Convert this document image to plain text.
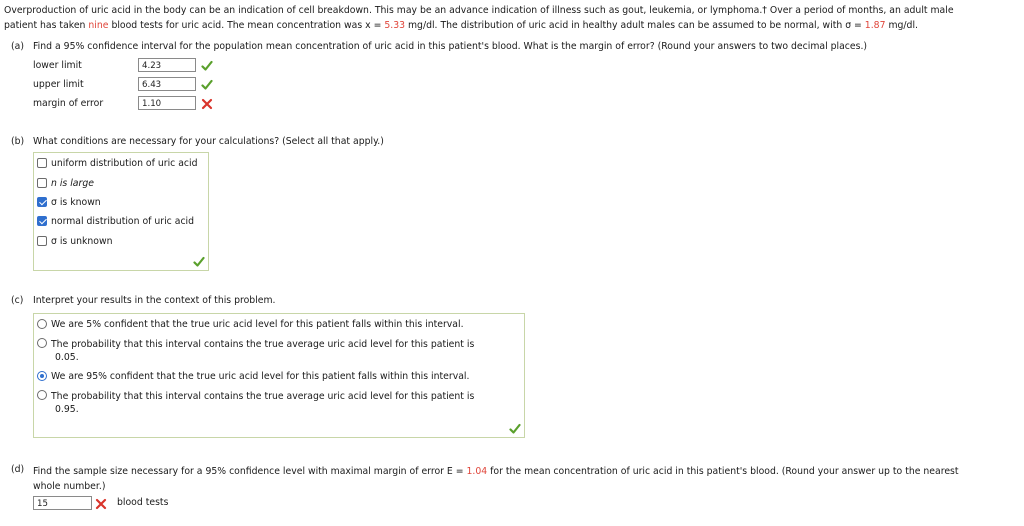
Overproduction of uric acid in the body can be an indication of cell breakdown. This may be an advance indication of illness such as gout, leukemia, or lymphoma.† Over a period of months, an adult male
patient has taken nine blood tests for uric acid. The mean concentration was x = 5.33 mg/dl. The distribution of uric acid in healthy adult males can be assumed to be normal, with σ = 1.87 mg/dl.
(a) Find a 95% confidence interval for the population mean concentration of uric acid in this patient's blood. What is the margin of error? (Round your answers to two decimal places.)
lower limit	4.23
upper limit	6.43
margin of error	1.10
(b) What conditions are necessary for your calculations? (Select all that apply.)
uniform distribution of uric acid
n is large
σ is known
normal distribution of uric acid
σ is unknown
(c) Interpret your results in the context of this problem.
We are 5% confident that the true uric acid level for this patient falls within this interval.
The probability that this interval contains the true average uric acid level for this patient is
0.05.
We are 95% confident that the true uric acid level for this patient falls within this interval.
The probability that this interval contains the true average uric acid level for this patient is
0.95.
(d) Find the sample size necessary for a 95% confidence level with maximal margin of error E = 1.04 for the mean concentration of uric acid in this patient's blood. (Round your answer up to the nearest
whole number.)
15	blood tests
